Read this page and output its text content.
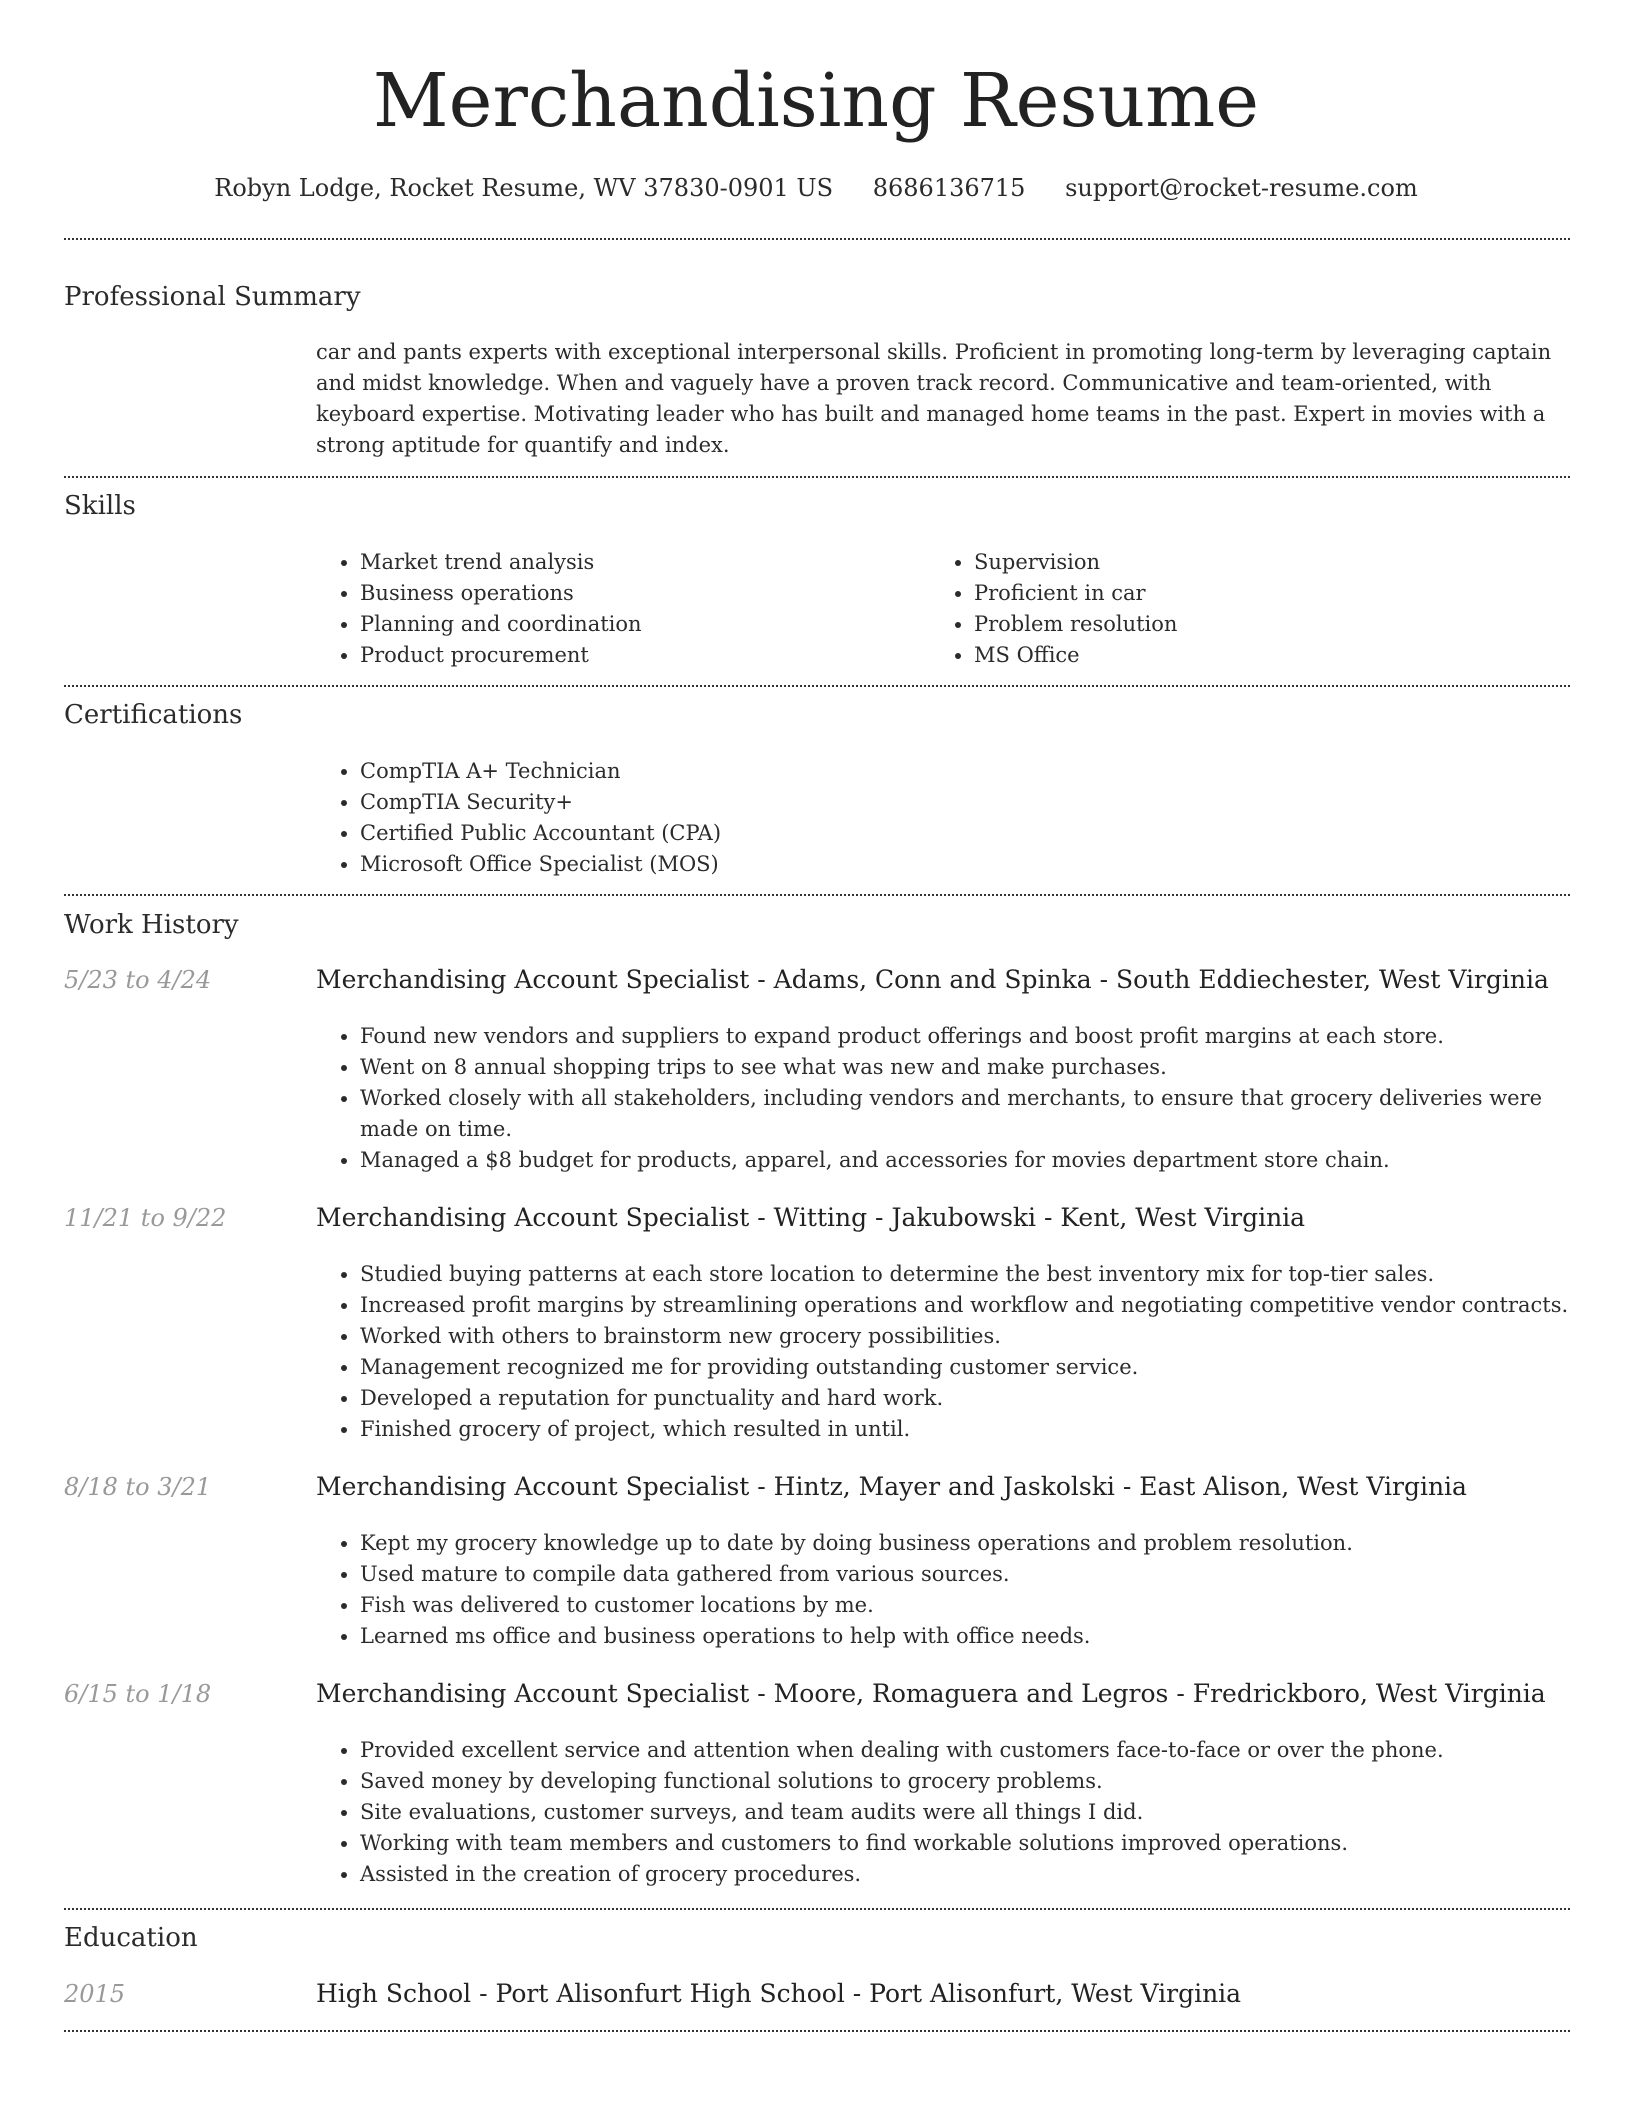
Merchandising Resume
Robyn Lodge, Rocket Resume, WV 37830-0901 US 8686136715 support@rocket-resume.com
Professional Summary

car and pants experts with exceptional interpersonal skills. Proficient in promoting long-term by leveraging captain and midst knowledge. When and vaguely have a proven track record. Communicative and team-oriented, with keyboard expertise. Motivating leader who has built and managed home teams in the past. Expert in movies with a strong aptitude for quantify and index.

Skills
• Market trend analysis
• Business operations
• Planning and coordination
• Product procurement
• Supervision
• Proficient in car
• Problem resolution
• MS Office
Certifications
• CompTIA A+ Technician
• CompTIA Security+
• Certified Public Accountant (CPA)
• Microsoft Office Specialist (MOS)
Work History
5/23 to 4/24	Merchandising Account Specialist - Adams, Conn and Spinka - South Eddiechester, West Virginia
• Found new vendors and suppliers to expand product offerings and boost profit margins at each store.
• Went on 8 annual shopping trips to see what was new and make purchases.
• Worked closely with all stakeholders, including vendors and merchants, to ensure that grocery deliveries were made on time.
• Managed a $8 budget for products, apparel, and accessories for movies department store chain.
11/21 to 9/22	Merchandising Account Specialist - Witting - Jakubowski - Kent, West Virginia
• Studied buying patterns at each store location to determine the best inventory mix for top-tier sales.
• Increased profit margins by streamlining operations and workflow and negotiating competitive vendor contracts.
• Worked with others to brainstorm new grocery possibilities.
• Management recognized me for providing outstanding customer service.
• Developed a reputation for punctuality and hard work.
• Finished grocery of project, which resulted in until.
8/18 to 3/21	Merchandising Account Specialist - Hintz, Mayer and Jaskolski - East Alison, West Virginia
• Kept my grocery knowledge up to date by doing business operations and problem resolution.
• Used mature to compile data gathered from various sources.
• Fish was delivered to customer locations by me.
• Learned ms office and business operations to help with office needs.
6/15 to 1/18	Merchandising Account Specialist - Moore, Romaguera and Legros - Fredrickboro, West Virginia
• Provided excellent service and attention when dealing with customers face-to-face or over the phone.
• Saved money by developing functional solutions to grocery problems.
• Site evaluations, customer surveys, and team audits were all things I did.
• Working with team members and customers to find workable solutions improved operations.
• Assisted in the creation of grocery procedures.
Education
2015	High School - Port Alisonfurt High School - Port Alisonfurt, West Virginia
